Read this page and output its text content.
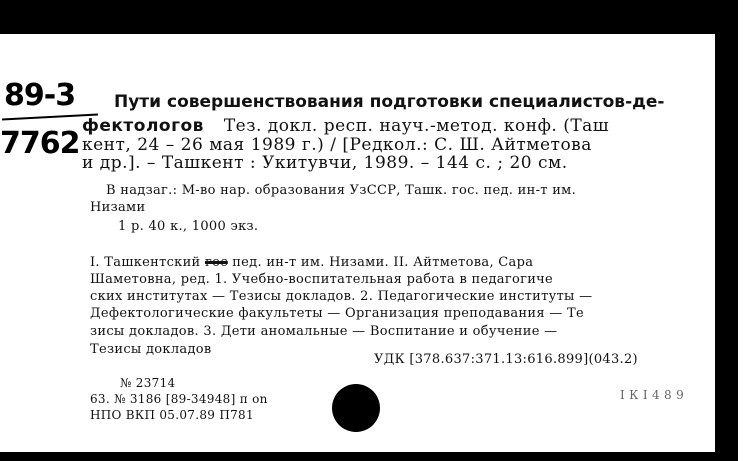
89-3
7762
Пути совершенствования подготовки специалистов-де-
фектологов Тез. докл. респ. науч.-метод. конф. (Таш
кент, 24 – 26 мая 1989 г.) / [Редкол.: С. Ш. Айтметова
и др.]. – Ташкент : Укитувчи, 1989. – 144 с. ; 20 см.
В надзаг.: М-во нар. образования УзССР, Ташк. гос. пед. ин-т им.
Низами
1 р. 40 к., 1000 экз.
I. Ташкентский гос пед. ин-т им. Низами. II. Айтметова, Сара
Шаметовна, ред. 1. Учебно-воспитательная работа в педагогиче
ских институтах — Тезисы докладов. 2. Педагогические институты —
Дефектологические факультеты — Организация преподавания — Те
зисы докладов. 3. Дети аномальные — Воспитание и обучение —
Тезисы докладов
УДК [378.637:371.13:616.899](043.2)
№ 23714
63. № 3186 [89-34948] п on
НПО ВКП 05.07.89 П781
I К I 4 8 9
